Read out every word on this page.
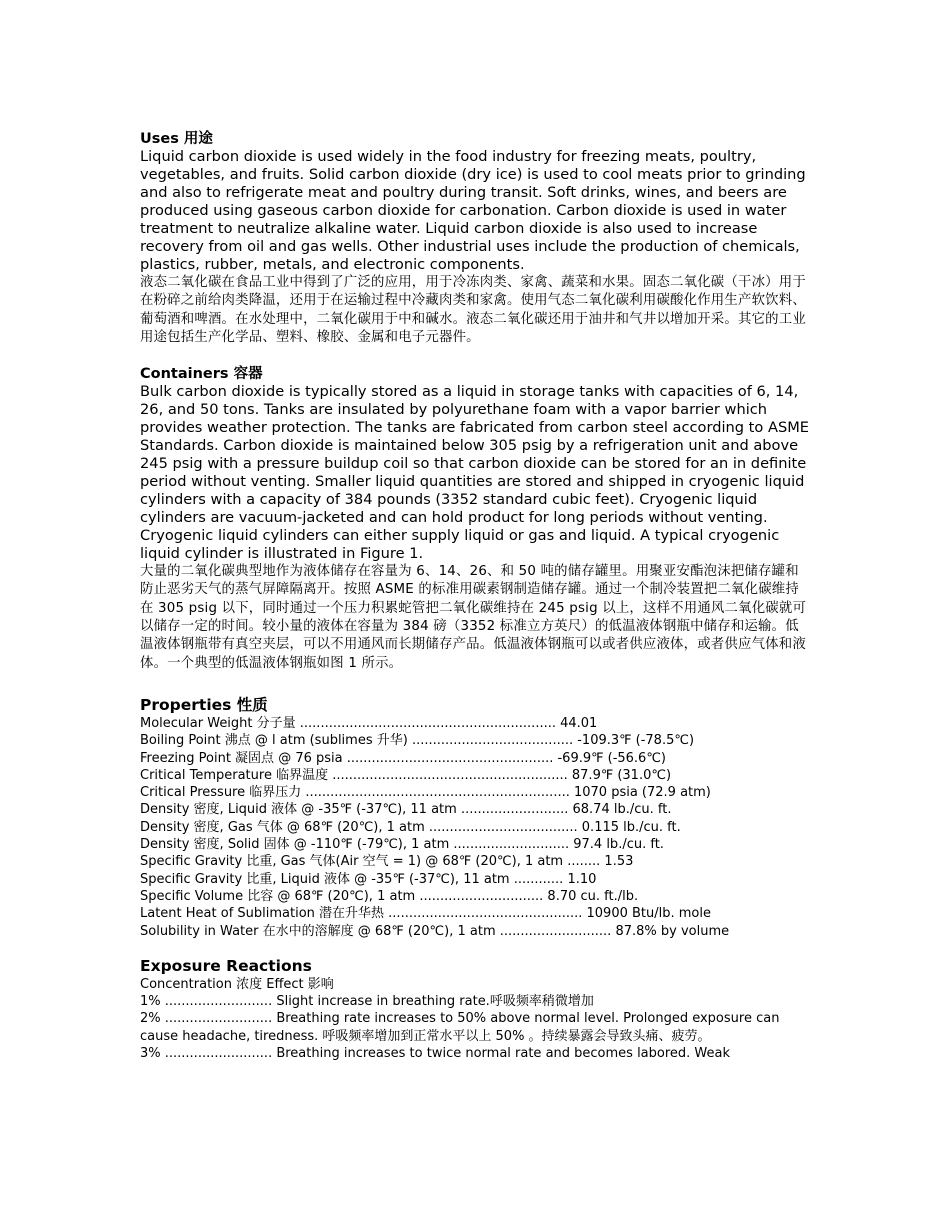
Uses 用途

Liquid carbon dioxide is used widely in the food industry for freezing meats, poultry, vegetables, and fruits. Solid carbon dioxide (dry ice) is used to cool meats prior to grinding and also to refrigerate meat and poultry during transit. Soft drinks, wines, and beers are produced using gaseous carbon dioxide for carbonation. Carbon dioxide is used in water treatment to neutralize alkaline water. Liquid carbon dioxide is also used to increase recovery from oil and gas wells. Other industrial uses include the production of chemicals, plastics, rubber, metals, and electronic components.

液态二氧化碳在食品工业中得到了广泛的应用，用于冷冻肉类、家禽、蔬菜和水果。固态二氧化碳（干冰）用于在粉碎之前给肉类降温，还用于在运输过程中冷藏肉类和家禽。使用气态二氧化碳利用碳酸化作用生产软饮料、葡萄酒和啤酒。在水处理中，二氧化碳用于中和碱水。液态二氧化碳还用于油井和气井以增加开采。其它的工业用途包括生产化学品、塑料、橡胶、金属和电子元器件。

Containers 容器

Bulk carbon dioxide is typically stored as a liquid in storage tanks with capacities of 6, 14, 26, and 50 tons. Tanks are insulated by polyurethane foam with a vapor barrier which provides weather protection. The tanks are fabricated from carbon steel according to ASME Standards. Carbon dioxide is maintained below 305 psig by a refrigeration unit and above 245 psig with a pressure buildup coil so that carbon dioxide can be stored for an in definite period without venting. Smaller liquid quantities are stored and shipped in cryogenic liquid cylinders with a capacity of 384 pounds (3352 standard cubic feet). Cryogenic liquid cylinders are vacuum-jacketed and can hold product for long periods without venting. Cryogenic liquid cylinders can either supply liquid or gas and liquid. A typical cryogenic liquid cylinder is illustrated in Figure 1.

大量的二氧化碳典型地作为液体储存在容量为 6、14、26、和 50 吨的储存罐里。用聚亚安酯泡沫把储存罐和防止恶劣天气的蒸气屏障隔离开。按照 ASME 的标准用碳素钢制造储存罐。通过一个制冷装置把二氧化碳维持在 305 psig 以下，同时通过一个压力积累蛇管把二氧化碳维持在 245 psig 以上，这样不用通风二氧化碳就可以储存一定的时间。较小量的液体在容量为 384 磅（3352 标准立方英尺）的低温液体钢瓶中储存和运输。低温液体钢瓶带有真空夹层，可以不用通风而长期储存产品。低温液体钢瓶可以或者供应液体，或者供应气体和液体。一个典型的低温液体钢瓶如图 1 所示。

Properties 性质

Molecular Weight 分子量 .............................................................. 44.01

Boiling Point 沸点 @ l atm (sublimes 升华) ....................................... -109.3℉ (-78.5℃)

Freezing Point 凝固点 @ 76 psia .................................................. -69.9℉ (-56.6℃)

Critical Temperature 临界温度 ......................................................... 87.9℉ (31.0℃)

Critical Pressure 临界压力 ................................................................ 1070 psia (72.9 atm)

Density 密度, Liquid 液体 @ -35℉ (-37℃), 11 atm .......................... 68.74 lb./cu. ft.

Density 密度, Gas 气体 @ 68℉ (20℃), 1 atm .................................... 0.115 lb./cu. ft.

Density 密度, Solid 固体 @ -110℉ (-79℃), 1 atm ............................ 97.4 lb./cu. ft.

Specific Gravity 比重, Gas 气体(Air 空气 = 1) @ 68℉ (20℃), 1 atm ........ 1.53

Specific Gravity 比重, Liquid 液体 @ -35℉ (-37℃), 11 atm ............ 1.10

Specific Volume 比容 @ 68℉ (20℃), 1 atm .............................. 8.70 cu. ft./lb.

Latent Heat of Sublimation 潜在升华热 ............................................... 10900 Btu/lb. mole

Solubility in Water 在水中的溶解度 @ 68℉ (20℃), 1 atm ........................... 87.8% by volume

Exposure Reactions

Concentration 浓度 Effect 影响

1% .......................... Slight increase in breathing rate.呼吸频率稍微增加

2% .......................... Breathing rate increases to 50% above normal level. Prolonged exposure can cause headache, tiredness. 呼吸频率增加到正常水平以上 50% 。持续暴露会导致头痛、疲劳。

3% .......................... Breathing increases to twice normal rate and becomes labored. Weak
